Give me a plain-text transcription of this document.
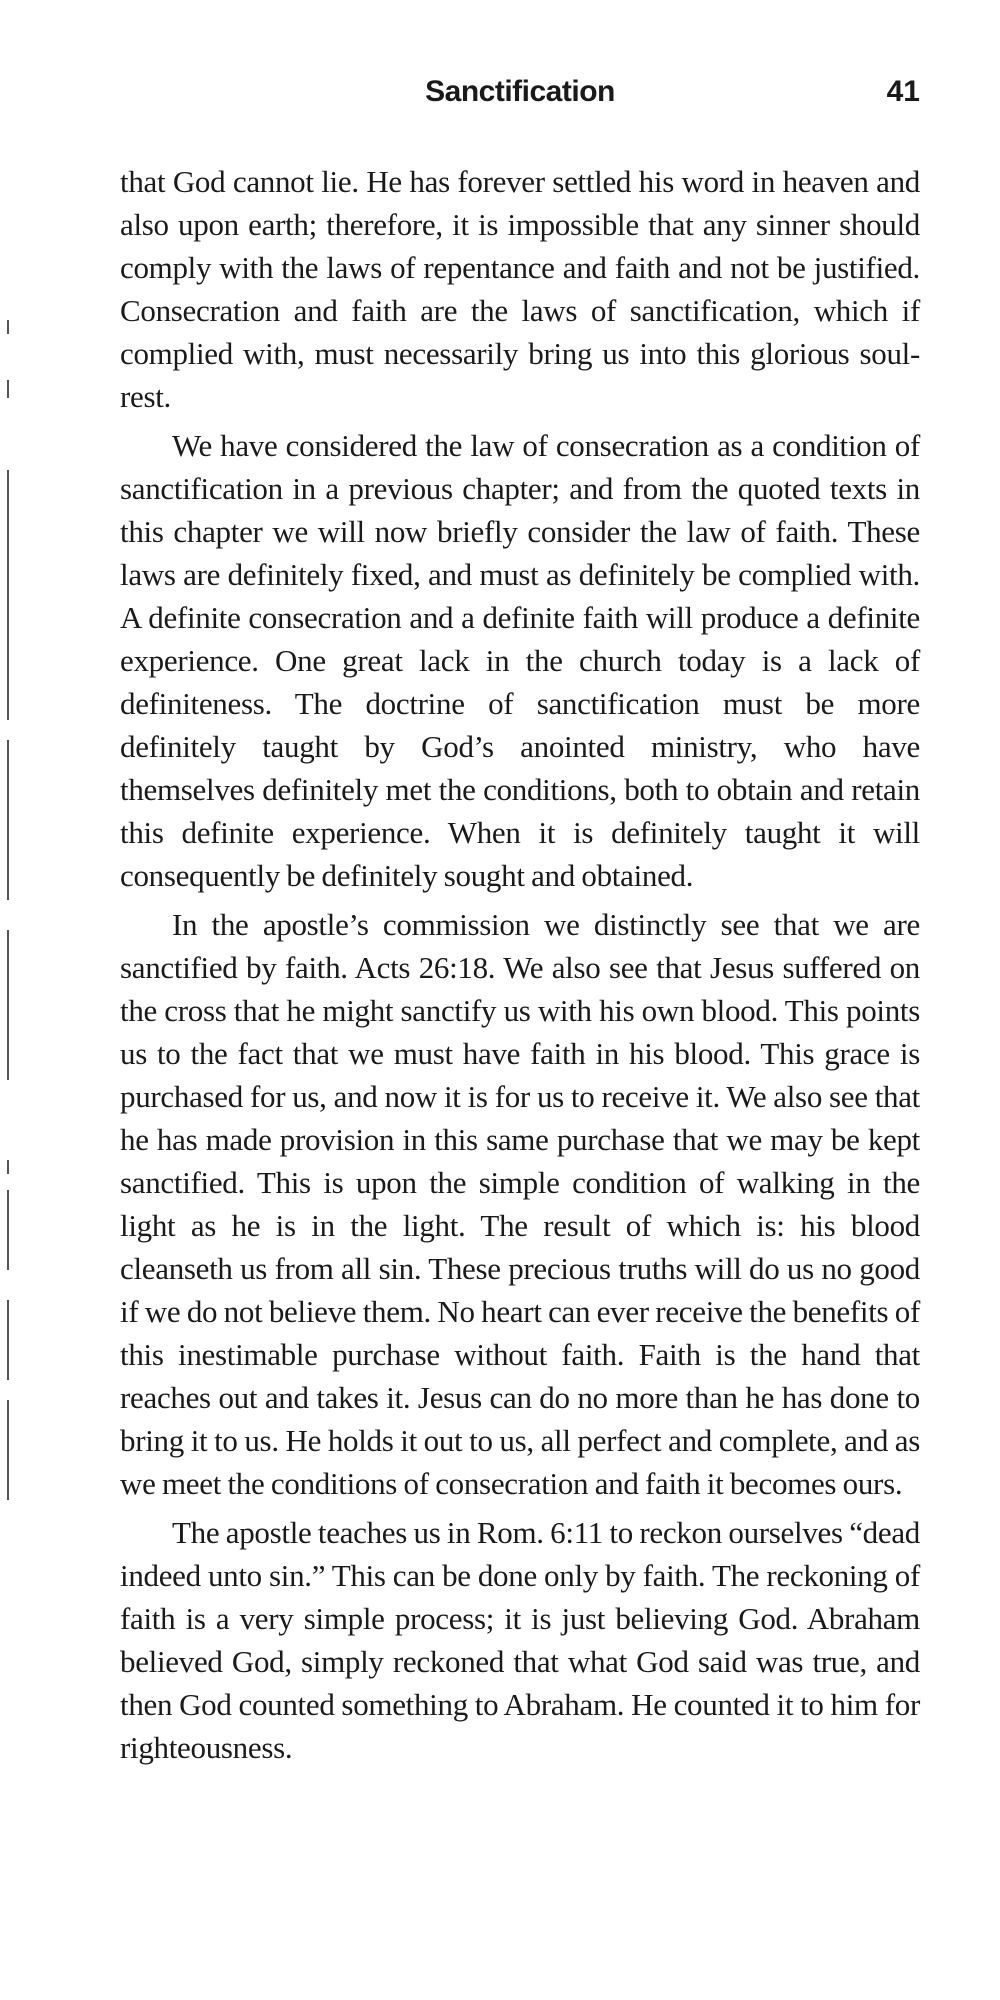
Sanctification	41

that God cannot lie. He has forever settled his word in heaven and also upon earth; therefore, it is impossible that any sinner should comply with the laws of repentance and faith and not be justified. Consecration and faith are the laws of sanctification, which if complied with, must necessarily bring us into this glorious soul-rest.

We have considered the law of consecration as a condition of sanctification in a previous chapter; and from the quoted texts in this chapter we will now briefly consider the law of faith. These laws are definitely fixed, and must as definitely be complied with. A definite consecration and a definite faith will produce a definite experience. One great lack in the church today is a lack of definiteness. The doctrine of sanctification must be more definitely taught by God’s anointed ministry, who have themselves definitely met the conditions, both to obtain and retain this definite experience. When it is definitely taught it will consequently be definitely sought and obtained.

In the apostle’s commission we distinctly see that we are sanctified by faith. Acts 26:18. We also see that Jesus suffered on the cross that he might sanctify us with his own blood. This points us to the fact that we must have faith in his blood. This grace is purchased for us, and now it is for us to receive it. We also see that he has made provision in this same purchase that we may be kept sanctified. This is upon the simple condition of walking in the light as he is in the light. The result of which is: his blood cleanseth us from all sin. These precious truths will do us no good if we do not believe them. No heart can ever receive the benefits of this inestimable purchase without faith. Faith is the hand that reaches out and takes it. Jesus can do no more than he has done to bring it to us. He holds it out to us, all perfect and complete, and as we meet the conditions of consecration and faith it becomes ours.

The apostle teaches us in Rom. 6:11 to reckon ourselves “dead indeed unto sin.” This can be done only by faith. The reckoning of faith is a very simple process; it is just believing God. Abraham believed God, simply reckoned that what God said was true, and then God counted something to Abraham. He counted it to him for righteousness.
